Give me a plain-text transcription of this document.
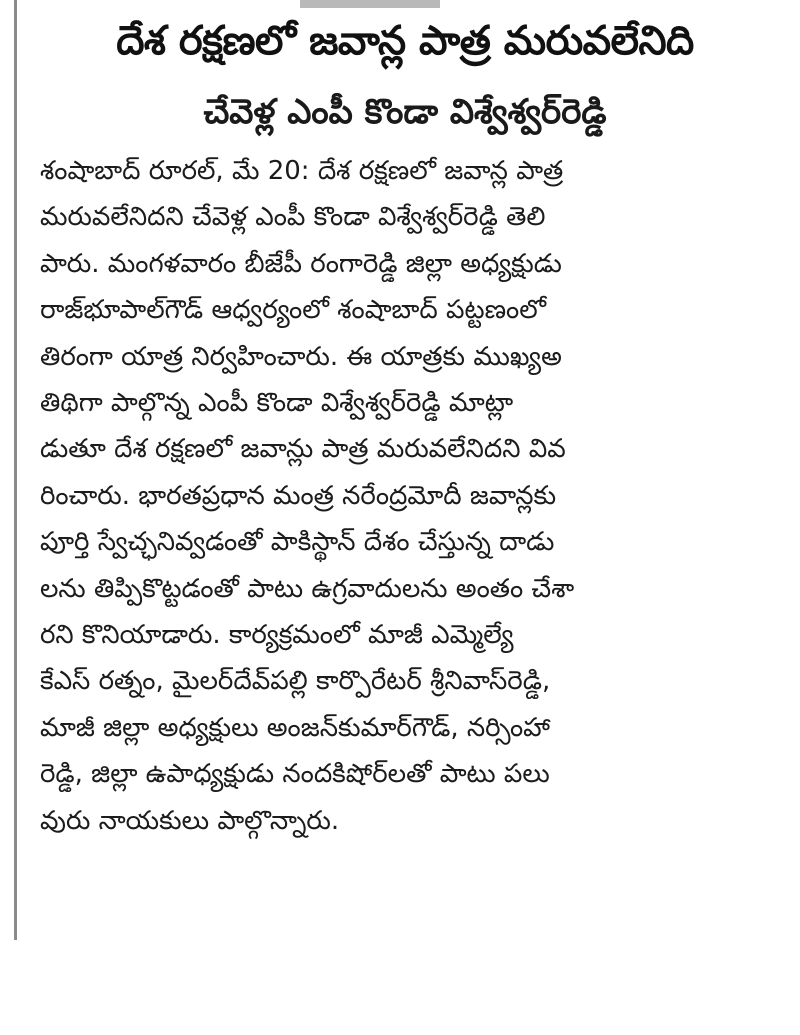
దేశ రక్షణలో జవాన్ల పాత్ర మరువలేనిది
చేవెళ్ల ఎంపీ కొండా విశ్వేశ్వర్‌రెడ్డి
శంషాబాద్ రూరల్, మే 20: దేశ రక్షణలో జవాన్ల పాత్ర
మరువలేనిదని చేవెళ్ల ఎంపీ కొండా విశ్వేశ్వర్‌రెడ్డి తెలి
పారు. మంగళవారం బీజేపీ రంగారెడ్డి జిల్లా అధ్యక్షుడు
రాజ్‌భూపాల్‌గౌడ్ ఆధ్వర్యంలో శంషాబాద్ పట్టణంలో
తిరంగా యాత్ర నిర్వహించారు. ఈ యాత్రకు ముఖ్యఅ
తిథిగా పాల్గొన్న ఎంపీ కొండా విశ్వేశ్వర్‌రెడ్డి మాట్లా
డుతూ దేశ రక్షణలో జవాన్లు పాత్ర మరువలేనిదని వివ
రించారు. భారతప్రధాన మంత్ర నరేంద్రమోదీ జవాన్లకు
పూర్తి స్వేచ్ఛనివ్వడంతో పాకిస్థాన్ దేశం చేస్తున్న దాడు
లను తిప్పికొట్టడంతో పాటు ఉగ్రవాదులను అంతం చేశా
రని కొనియాడారు. కార్యక్రమంలో మాజీ ఎమ్మెల్యే
కేఎస్ రత్నం, మైలర్‌దేవ్‌పల్లి కార్పొరేటర్ శ్రీనివాస్‌రెడ్డి,
మాజీ జిల్లా అధ్యక్షులు అంజన్‌కుమార్‌గౌడ్, నర్సింహా
రెడ్డి, జిల్లా ఉపాధ్యక్షుడు నందకిషోర్‌లతో పాటు పలు
వురు నాయకులు పాల్గొన్నారు.
